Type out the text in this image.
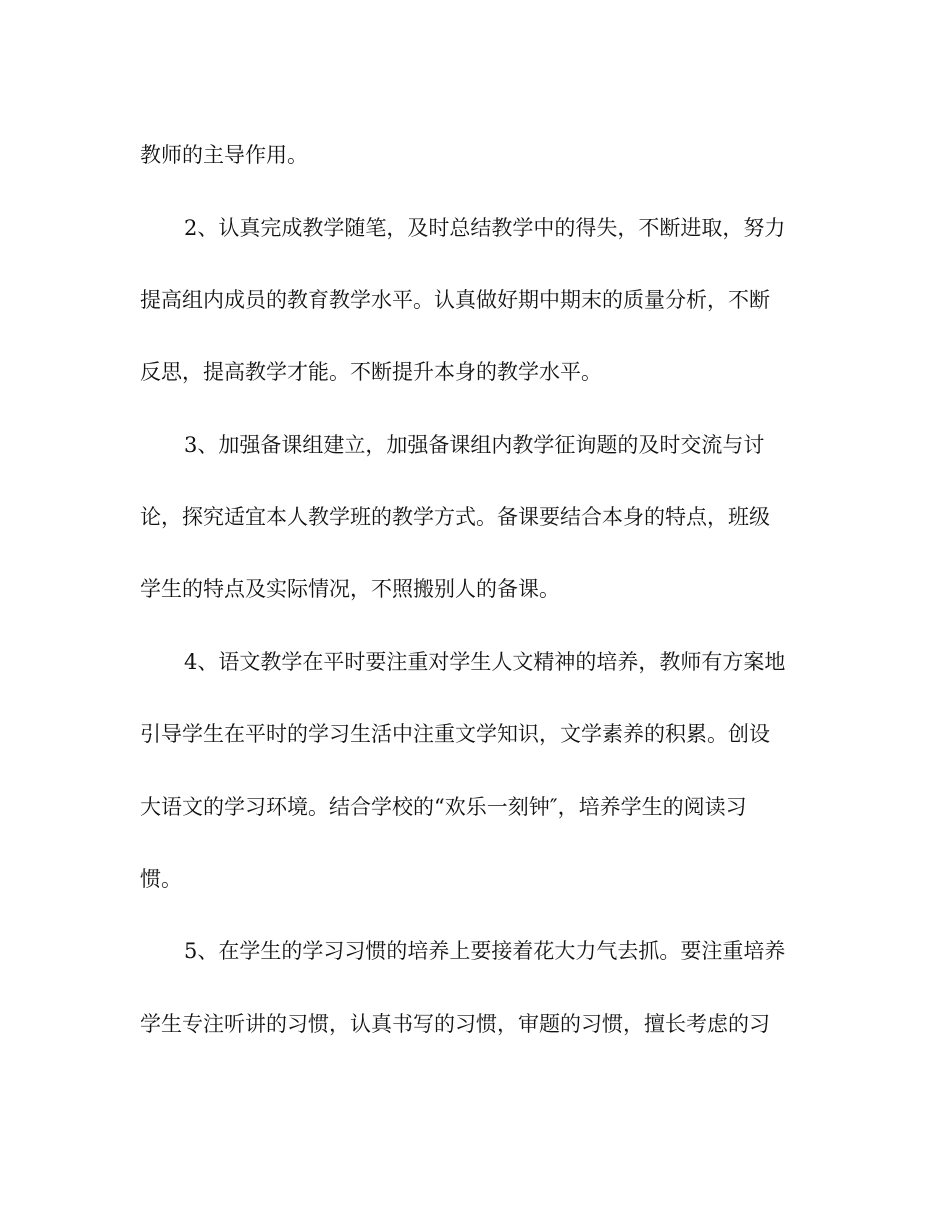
教师的主导作用。
2、认真完成教学随笔，及时总结教学中的得失，不断进取，努力
提高组内成员的教育教学水平。认真做好期中期末的质量分析，不断
反思，提高教学才能。不断提升本身的教学水平。
3、加强备课组建立，加强备课组内教学征询题的及时交流与讨
论，探究适宜本人教学班的教学方式。备课要结合本身的特点，班级
学生的特点及实际情况，不照搬别人的备课。
4、语文教学在平时要注重对学生人文精神的培养，教师有方案地
引导学生在平时的学习生活中注重文学知识，文学素养的积累。创设
大语文的学习环境。结合学校的“欢乐一刻钟″，培养学生的阅读习
惯。
5、在学生的学习习惯的培养上要接着花大力气去抓。要注重培养
学生专注听讲的习惯，认真书写的习惯，审题的习惯，擅长考虑的习
